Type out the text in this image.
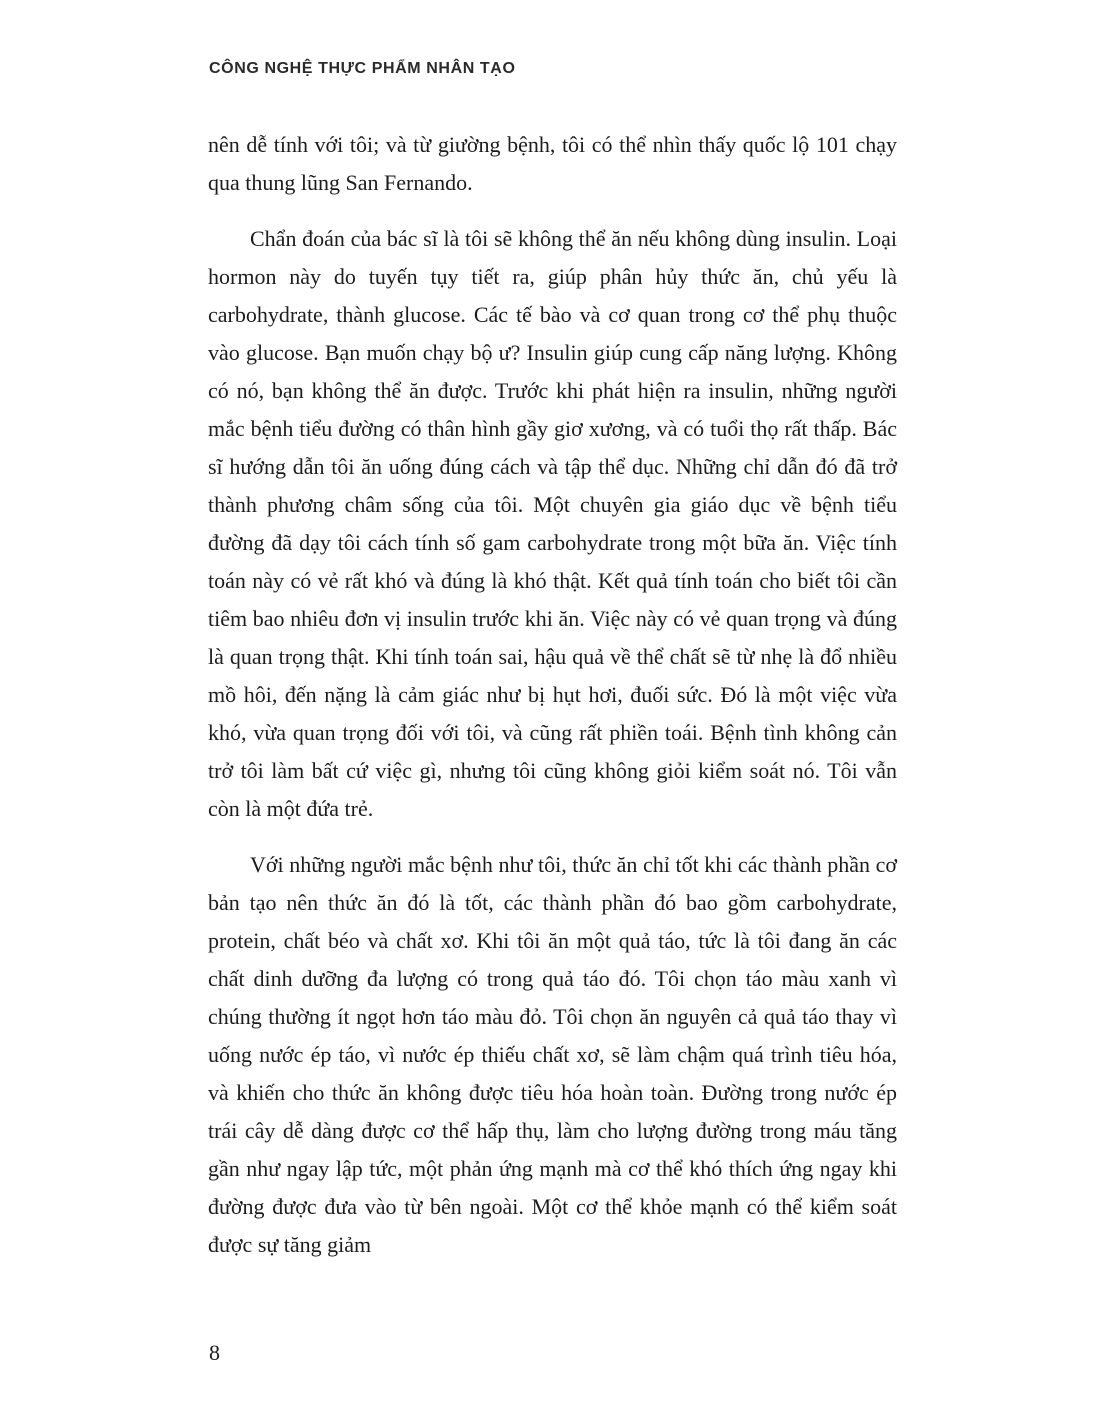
CÔNG NGHỆ THỰC PHẨM NHÂN TẠO

nên dễ tính với tôi; và từ giường bệnh, tôi có thể nhìn thấy quốc lộ 101 chạy qua thung lũng San Fernando.

Chẩn đoán của bác sĩ là tôi sẽ không thể ăn nếu không dùng insulin. Loại hormon này do tuyến tụy tiết ra, giúp phân hủy thức ăn, chủ yếu là carbohydrate, thành glucose. Các tế bào và cơ quan trong cơ thể phụ thuộc vào glucose. Bạn muốn chạy bộ ư? Insulin giúp cung cấp năng lượng. Không có nó, bạn không thể ăn được. Trước khi phát hiện ra insulin, những người mắc bệnh tiểu đường có thân hình gầy giơ xương, và có tuổi thọ rất thấp. Bác sĩ hướng dẫn tôi ăn uống đúng cách và tập thể dục. Những chỉ dẫn đó đã trở thành phương châm sống của tôi. Một chuyên gia giáo dục về bệnh tiểu đường đã dạy tôi cách tính số gam carbohydrate trong một bữa ăn. Việc tính toán này có vẻ rất khó và đúng là khó thật. Kết quả tính toán cho biết tôi cần tiêm bao nhiêu đơn vị insulin trước khi ăn. Việc này có vẻ quan trọng và đúng là quan trọng thật. Khi tính toán sai, hậu quả về thể chất sẽ từ nhẹ là đổ nhiều mồ hôi, đến nặng là cảm giác như bị hụt hơi, đuối sức. Đó là một việc vừa khó, vừa quan trọng đối với tôi, và cũng rất phiền toái. Bệnh tình không cản trở tôi làm bất cứ việc gì, nhưng tôi cũng không giỏi kiểm soát nó. Tôi vẫn còn là một đứa trẻ.

Với những người mắc bệnh như tôi, thức ăn chỉ tốt khi các thành phần cơ bản tạo nên thức ăn đó là tốt, các thành phần đó bao gồm carbohydrate, protein, chất béo và chất xơ. Khi tôi ăn một quả táo, tức là tôi đang ăn các chất dinh dưỡng đa lượng có trong quả táo đó. Tôi chọn táo màu xanh vì chúng thường ít ngọt hơn táo màu đỏ. Tôi chọn ăn nguyên cả quả táo thay vì uống nước ép táo, vì nước ép thiếu chất xơ, sẽ làm chậm quá trình tiêu hóa, và khiến cho thức ăn không được tiêu hóa hoàn toàn. Đường trong nước ép trái cây dễ dàng được cơ thể hấp thụ, làm cho lượng đường trong máu tăng gần như ngay lập tức, một phản ứng mạnh mà cơ thể khó thích ứng ngay khi đường được đưa vào từ bên ngoài. Một cơ thể khỏe mạnh có thể kiểm soát được sự tăng giảm

8
